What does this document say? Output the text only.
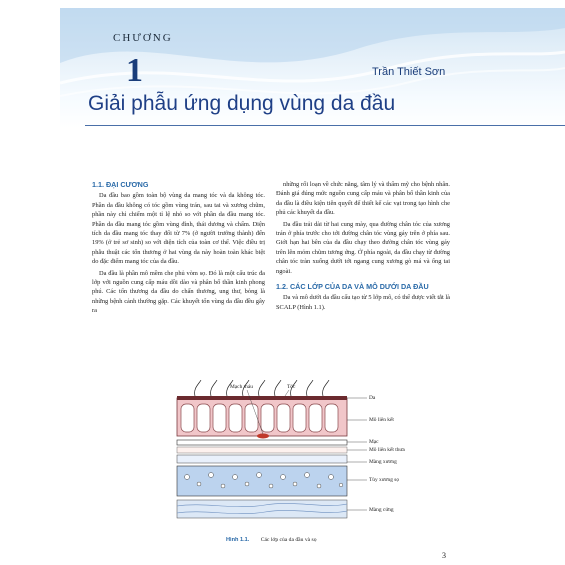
CHƯƠNG
1	Trần Thiết Sơn
Giải phẫu ứng dụng vùng da đầu

1.1. ĐẠI CƯƠNG

Da đầu bao gồm toàn bộ vùng da mang tóc và da không tóc. Phần da đầu không có tóc gồm vùng trán, sau tai và xương chũm, phần này chỉ chiếm một tỉ lệ nhỏ so với phần da đầu mang tóc. Phần da đầu mang tóc gồm vùng đỉnh, thái dương và chẩm. Diện tích da đầu mang tóc thay đổi từ 7% (ở người trưởng thành) đến 19% (ở trẻ sơ sinh) so với diện tích của toàn cơ thể. Việc điều trị phẫu thuật các tổn thương ở hai vùng da này hoàn toàn khác biệt do đặc điểm mang tóc của da đầu.

Da đầu là phần mô mềm che phủ vòm sọ. Đó là một cấu trúc đa lớp với nguồn cung cấp máu dồi dào và phân bố thần kinh phong phú. Các tổn thương da đầu do chấn thương, ung thư, bỏng là những bệnh cảnh thường gặp. Các khuyết tổn vùng da đầu đều gây ra

những rối loạn về chức năng, tâm lý và thẩm mỹ cho bệnh nhân. Đánh giá đúng mức nguồn cung cấp máu và phân bố thần kinh của da đầu là điều kiện tiên quyết để thiết kế các vạt trong tạo hình che phủ các khuyết da đầu.

Da đầu trải dài từ hai cung mày, qua đường chân tóc của xương trán ở phía trước cho tới đường chân tóc vùng gáy trên ở phía sau. Giới hạn hai bên của da đầu chạy theo đường chân tóc vùng gáy trên lên mỏm chũm tương ứng. Ở phía ngoài, da đầu chạy từ đường chân tóc tràn xuống dưới tới ngang cung xương gò má và ống tai ngoài.

1.2. CÁC LỚP CỦA DA VÀ MÔ DƯỚI DA ĐẦU

Da và mô dưới da đầu cấu tạo từ 5 lớp mô, có thể được viết tắt là SCALP (Hình 1.1).

Mạch máu	Tóc
Da
Mô liên kết
Mạc
Mô liên kết thưa
Màng xương
Tủy xương sọ
Màng cứng
Hình 1.1. Các lớp của da đầu và sọ
3
